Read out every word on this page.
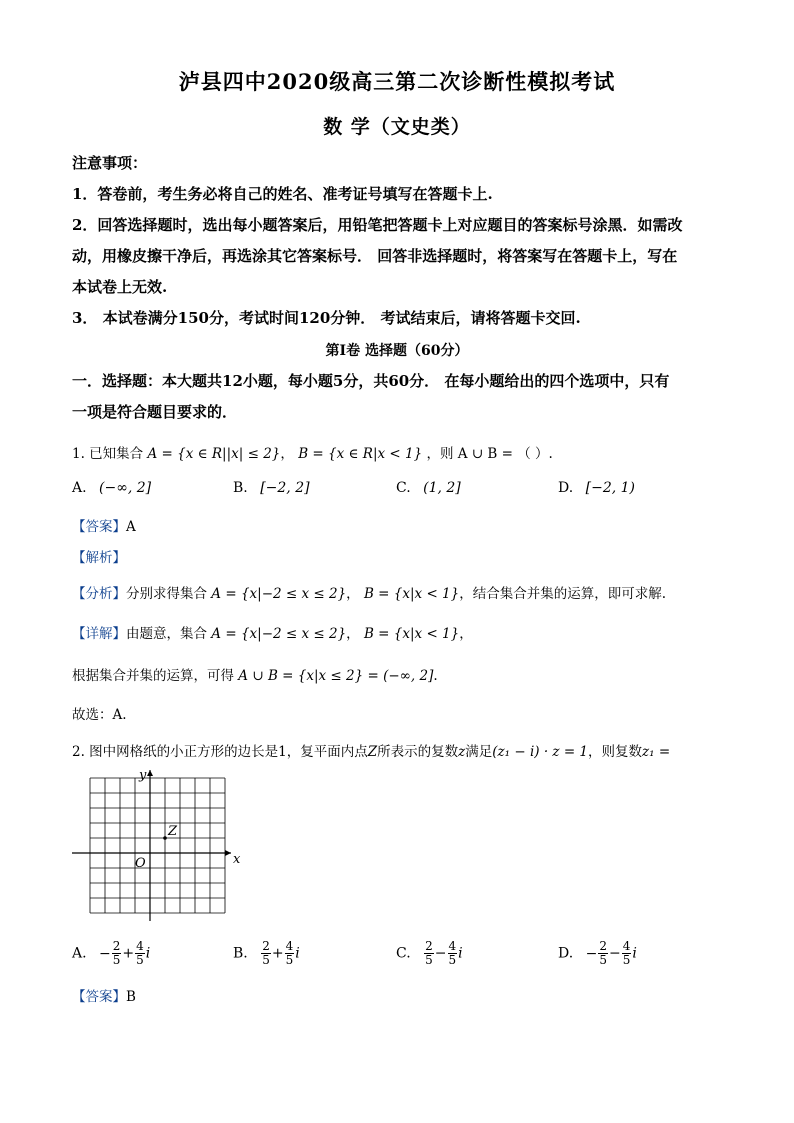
泸县四中2020级高三第二次诊断性模拟考试
数 学（文史类）
注意事项：
1．答卷前，考生务必将自己的姓名、准考证号填写在答题卡上.
2．回答选择题时，选出每小题答案后，用铅笔把答题卡上对应题目的答案标号涂黑．如需改
动，用橡皮擦干净后，再选涂其它答案标号． 回答非选择题时，将答案写在答题卡上，写在
本试卷上无效.
3． 本试卷满分150分，考试时间120分钟． 考试结束后，请将答题卡交回.
第I卷 选择题（60分）
一．选择题：本大题共12小题，每小题5分，共60分． 在每小题给出的四个选项中，只有
一项是符合题目要求的．
1. 已知集合 A = {x ∈ R||x| ≤ 2}， B = {x ∈ R|x < 1} ，则 A ∪ B = （ ）.
A. (−∞, 2]	B. [−2, 2]	C. (1, 2]	D. [−2, 1)
【答案】A
【解析】
【分析】分别求得集合 A = {x|−2 ≤ x ≤ 2}， B = {x|x < 1}，结合集合并集的运算，即可求解.
【详解】由题意，集合 A = {x|−2 ≤ x ≤ 2}， B = {x|x < 1}，
根据集合并集的运算，可得 A ∪ B = {x|x ≤ 2} = (−∞, 2].
故选：A.
2. 图中网格纸的小正方形的边长是1，复平面内点Z所表示的复数z满足(z₁ − i) · z = 1，则复数z₁ =
x
y
O
Z
A. − $\frac{2}{5} + \frac{4}{5}$ i	B. $\frac{2}{5} + \frac{4}{5}$ i	C. $\frac{2}{5} - \frac{4}{5}$ i	D. − $\frac{2}{5} - \frac{4}{5}$ i
【答案】B
